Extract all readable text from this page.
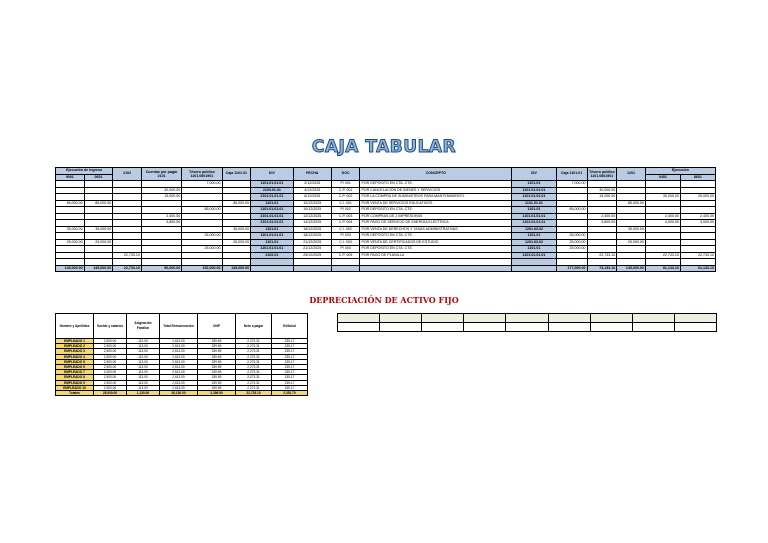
CAJA TABULAR
Ejecución de ingreso		2102	Cuentas por pagar 2101	Tésoro público 1101.0801901	Caja 1101.01	DIV	FECHA	DOC	CONCEPTO	DIV	Caja 1101.01	Tésoro público 1101.0801901	1201	Ejecución	
9001	0601													0401	8601
				7,000.00		1101.01.01.01	2/12/2025	P/ 001	POR DEPÓSITO EN CTA. CTE.	1101.01	7,000.00				
			30,000.00			2103.01.01	4/12/2025	C.P. 001	POR CANCELACIÓN DE BIENES Y SERVICIOS	1101.01.01.01		30,000.00			
			15,000.00			2101.01.01.01	6/12/2025	C.P. 002	POR LA COMPRA DE SUMINISTROS PARA MANTENIMIENTO	1101.01.01.01		15,000.00		35,000.00	25,000.00
85,000.00	85,000.00				85,000.00	1101.01	10/12/2025	C.I. 001	POR VENTA DE SERVICIOS EDUCATIVOS	1101.01.01			85,000.00		
				85,000.00		1101.01.01.01	10/12/2025	P/ 002	POR DEPÓSITO EN CTA. CTE.	1101.01	85,000.00				
			2,400.00			2101.01.01.01	12/12/2025	C.P. 003	POR COMPRAS DE 2 IMPRESORAS	1101.01.01.01		2,400.00		2,400.00	2,400.00
			3,800.00			2101.01.01.01	14/12/2025	C.P. 004	POR PAGO DE SERVICIO DE ENERGÍA ELÉCTRICA	1101.01.01.01		3,800.00		4,000.00	3,000.00
35,000.00	35,000.00				35,000.00	1101.01	18/12/2025	C.I. 002	POR VENTA DE DERECHOS Y TASAS ADMINISTRATIVAS	1201.03.02			35,000.00		
				35,000.00		1101.01.01.01	18/12/2025	P/ 003	POR DEPÓSITO EN CTA. CTE.	1101.01	35,000.00				
25,000.00	25,000.00				25,000.00	1101.01	21/12/2025	C.I. 003	POR VENTA DE CERTIFICADOS DE ESTUDIO	1201.03.02	25,000.00		25,000.00		
				25,000.00		1101.01.01.01	21/12/2025	P/ 004	POR DEPÓSITO EN CTA. CTE.	1101.01	25,000.00				
		22,733.10				2102.01	25/12/2025	C.P. 005	POR PAGO DE PLANILLA	1101.01.01.01		22,733.10		22,733.10	22,733.10

145,000.00	145,000.00	22,733.10	56,000.00	152,000.00	145,000.00						177,000.00	73,133.10	145,000.00	81,133.10	61,133.10
DEPRECIACIÓN DE ACTIVO FIJO

Nombre y Apellidos	Sueldo y salarios	Asignación Familiar	Total Remuneración	ONP	Neto a pagar	EsSalud
EMPLEADO 1	2,500.00	113.00	2,613.00	339.69	2,273.31	235.17
EMPLEADO 2	2,500.00	113.00	2,613.00	339.69	2,273.31	235.17
EMPLEADO 3	2,500.00	113.00	2,613.00	339.69	2,273.31	235.17
EMPLEADO 4	2,500.00	113.00	2,613.00	339.69	2,273.31	235.17
EMPLEADO 5	2,500.00	113.00	2,613.00	339.69	2,273.31	235.17
EMPLEADO 6	2,500.00	113.00	2,613.00	339.69	2,273.31	235.17
EMPLEADO 7	2,500.00	113.00	2,613.00	339.69	2,273.31	235.17
EMPLEADO 8	2,500.00	113.00	2,613.00	339.69	2,273.31	235.17
EMPLEADO 9	2,500.00	113.00	2,613.00	339.69	2,273.31	235.17
EMPLEADO 10	2,500.00	113.00	2,613.00	339.69	2,273.31	235.17
Totales	25,000.00	1,130.00	26,130.00	3,396.90	22,733.10	2,351.70
